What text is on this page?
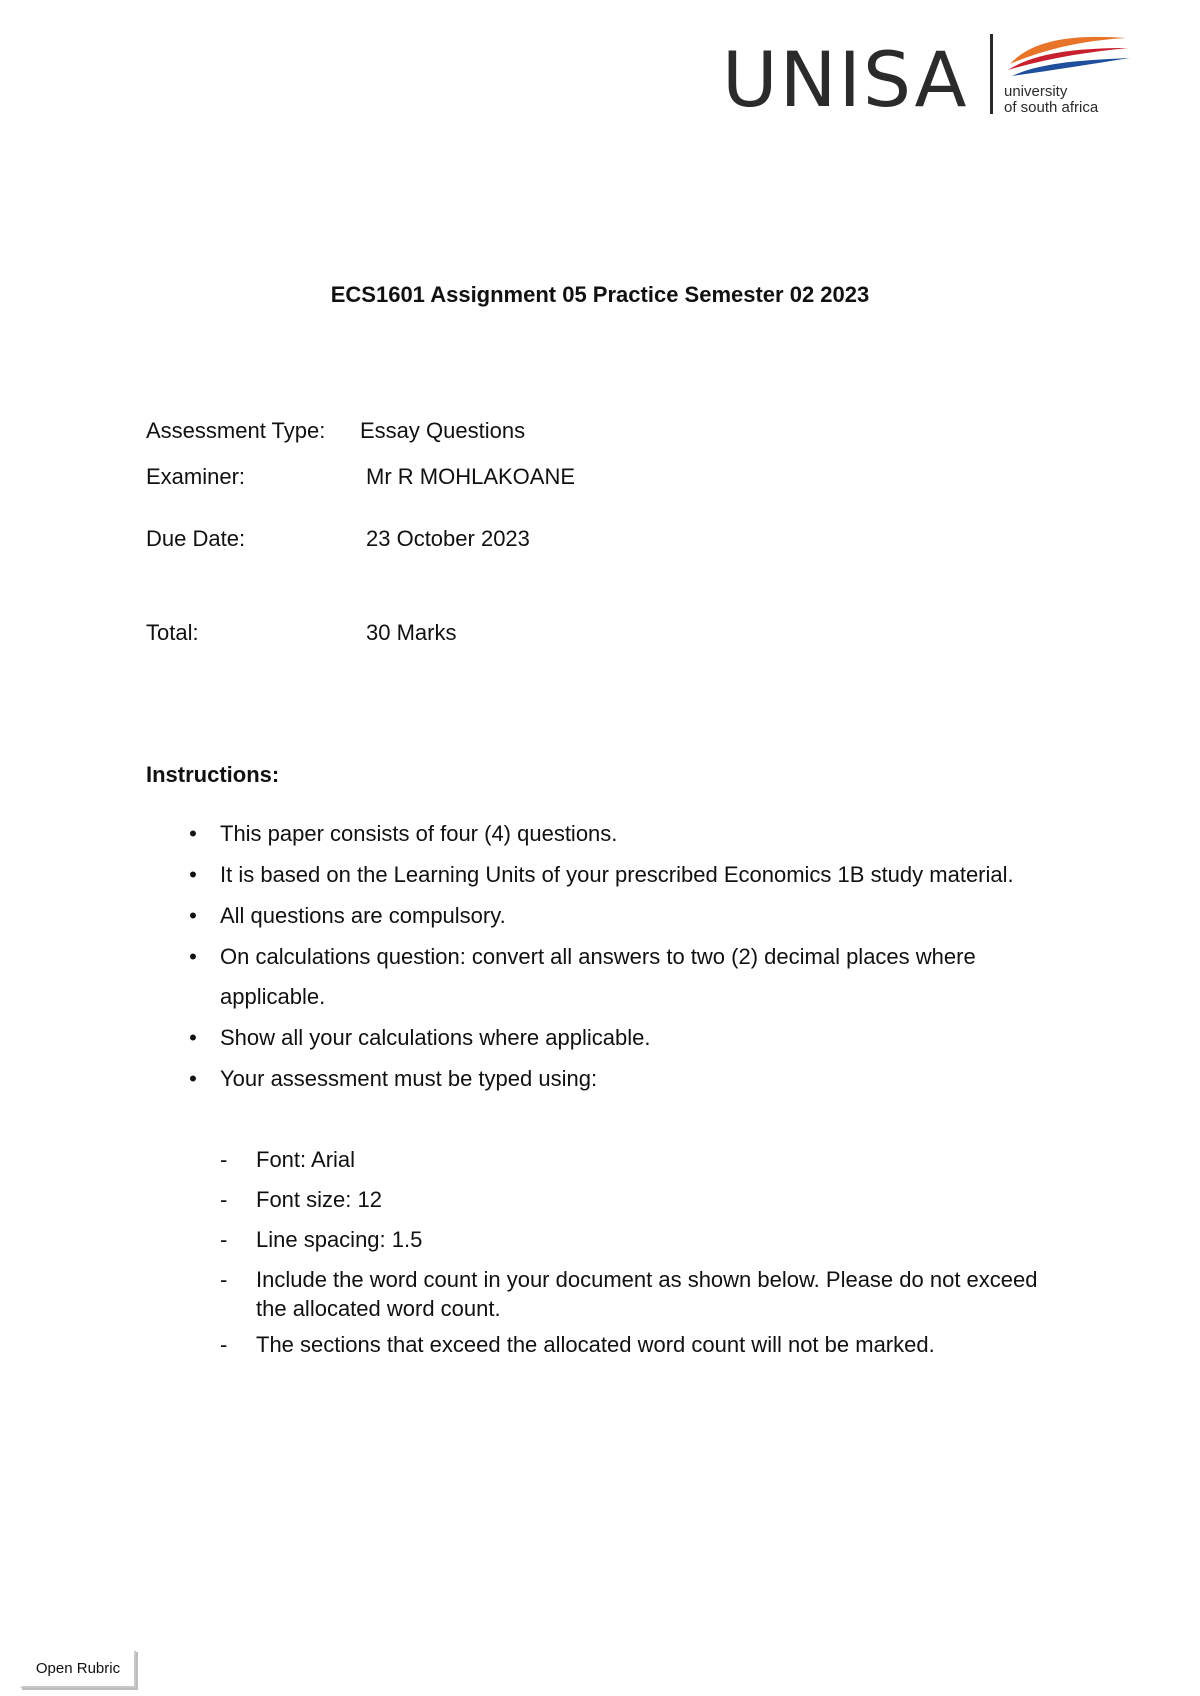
UNISA university
of south africa
ECS1601 Assignment 05 Practice Semester 02 2023
Assessment Type: Essay Questions
Examiner:	Mr R MOHLAKOANE
Due Date:	23 October 2023
Total:	30 Marks
Instructions:
• This paper consists of four (4) questions.
• It is based on the Learning Units of your prescribed Economics 1B study material.
• All questions are compulsory.
• On calculations question: convert all answers to two (2) decimal places where applicable.
• Show all your calculations where applicable.
• Your assessment must be typed using:
- Font: Arial
- Font size: 12
- Line spacing: 1.5
- Include the word count in your document as shown below. Please do not exceed the allocated word count.
- The sections that exceed the allocated word count will not be marked.
Open Rubric
